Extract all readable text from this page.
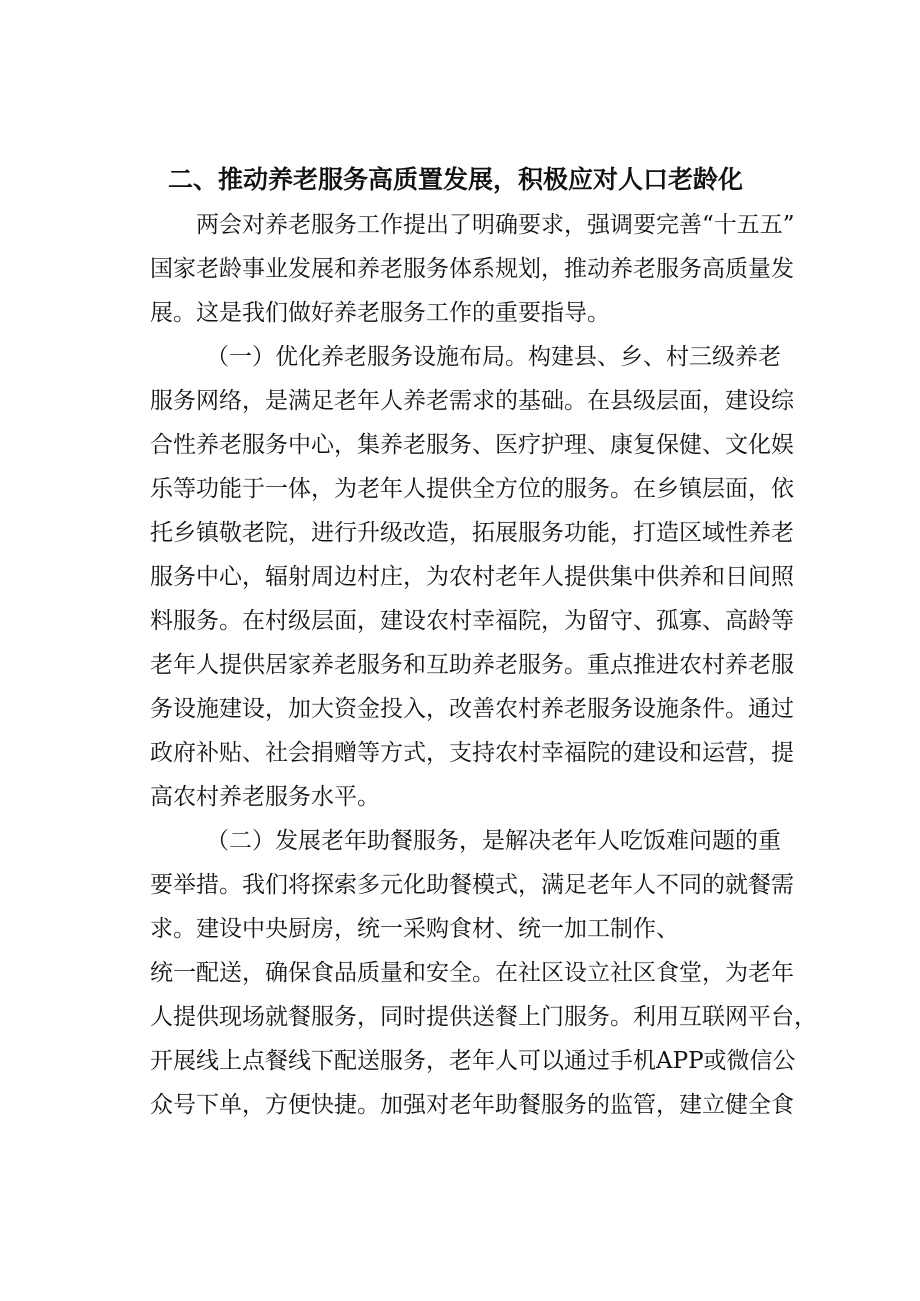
二、推动养老服务高质置发展，积极应对人口老龄化

两会对养老服务工作提出了明确要求，强调要完善“十五五”

国家老龄事业发展和养老服务体系规划，推动养老服务高质量发

展。这是我们做好养老服务工作的重要指导。

（一）优化养老服务设施布局。构建县、乡、村三级养老

服务网络，是满足老年人养老需求的基础。在县级层面，建设综

合性养老服务中心，集养老服务、医疗护理、康复保健、文化娱

乐等功能于一体，为老年人提供全方位的服务。在乡镇层面，依

托乡镇敬老院，进行升级改造，拓展服务功能，打造区域性养老

服务中心，辐射周边村庄，为农村老年人提供集中供养和日间照

料服务。在村级层面，建设农村幸福院，为留守、孤寡、高龄等

老年人提供居家养老服务和互助养老服务。重点推进农村养老服

务设施建设，加大资金投入，改善农村养老服务设施条件。通过

政府补贴、社会捐赠等方式，支持农村幸福院的建设和运营，提

高农村养老服务水平。

（二）发展老年助餐服务，是解决老年人吃饭难问题的重

要举措。我们将探索多元化助餐模式，满足老年人不同的就餐需

求。建设中央厨房，统一采购食材、统一加工制作、

统一配送，确保食品质量和安全。在社区设立社区食堂，为老年

人提供现场就餐服务，同时提供送餐上门服务。利用互联网平台，

开展线上点餐线下配送服务，老年人可以通过手机APP或微信公

众号下单，方便快捷。加强对老年助餐服务的监管，建立健全食
